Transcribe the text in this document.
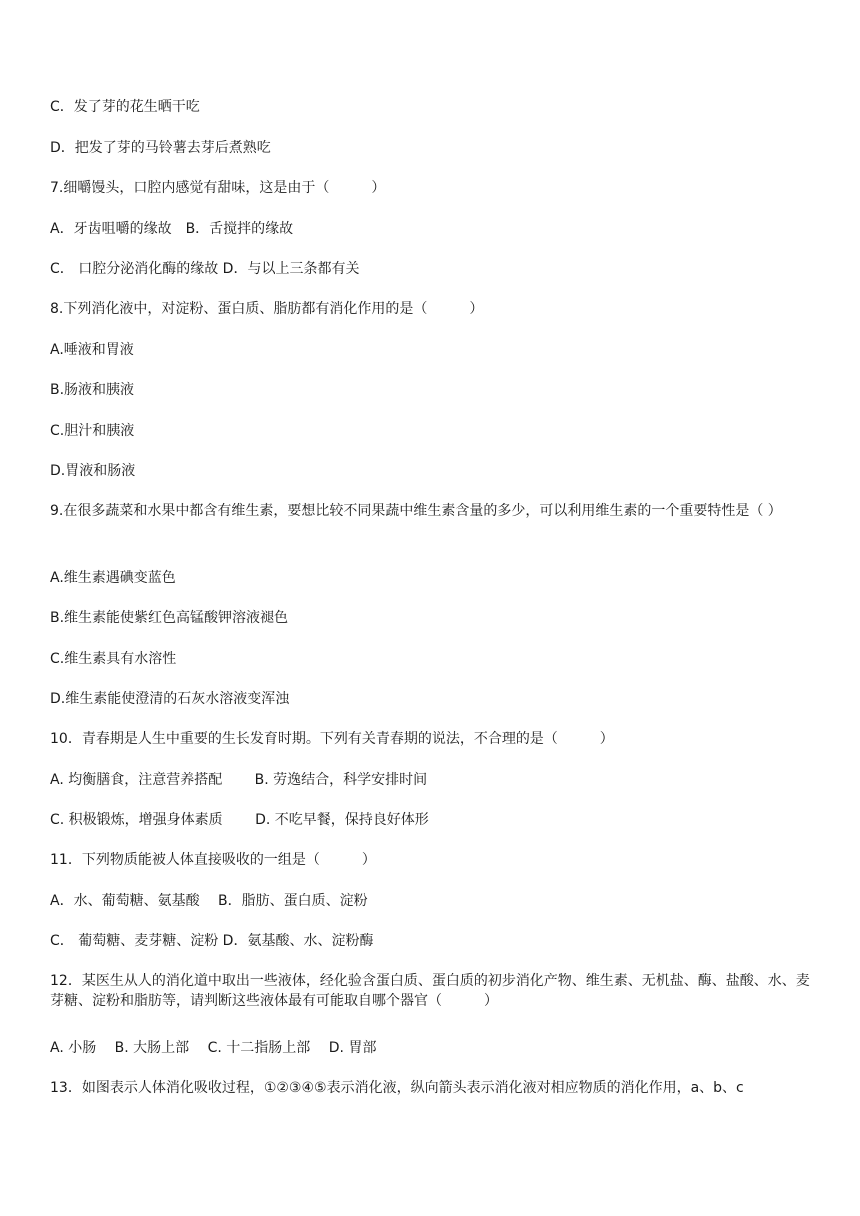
C．发了芽的花生晒干吃
D．把发了芽的马铃薯去芽后煮熟吃
7.细嚼馒头，口腔内感觉有甜味，这是由于（　　　）
A．牙齿咀嚼的缘故　B．舌搅拌的缘故
C． 口腔分泌消化酶的缘故 D．与以上三条都有关
8.下列消化液中，对淀粉、蛋白质、脂肪都有消化作用的是（　　　）
A.唾液和胃液
B.肠液和胰液
C.胆汁和胰液
D.胃液和肠液
9.在很多蔬菜和水果中都含有维生素，要想比较不同果蔬中维生素含量的多少，可以利用维生素的一个重要特性是（ ）
A.维生素遇碘变蓝色
B.维生素能使紫红色高锰酸钾溶液褪色
C.维生素具有水溶性
D.维生素能使澄清的石灰水溶液变浑浊
10．青春期是人生中重要的生长发育时期。下列有关青春期的说法，不合理的是（　　　）
A. 均衡膳食，注意营养搭配　　 B. 劳逸结合，科学安排时间
C. 积极锻炼，增强身体素质　　 D. 不吃早餐，保持良好体形
11．下列物质能被人体直接吸收的一组是（　　　）
A．水、葡萄糖、氨基酸　 B．脂肪、蛋白质、淀粉
C． 葡萄糖、麦芽糖、淀粉 D．氨基酸、水、淀粉酶
12．某医生从人的消化道中取出一些液体，经化验含蛋白质、蛋白质的初步消化产物、维生素、无机盐、酶、盐酸、水、麦芽糖、淀粉和脂肪等，请判断这些液体最有可能取自哪个器官（　　　）
A. 小肠　 B. 大肠上部　 C. 十二指肠上部　 D. 胃部
13．如图表示人体消化吸收过程，①②③④⑤表示消化液，纵向箭头表示消化液对相应物质的消化作用，a、b、c
